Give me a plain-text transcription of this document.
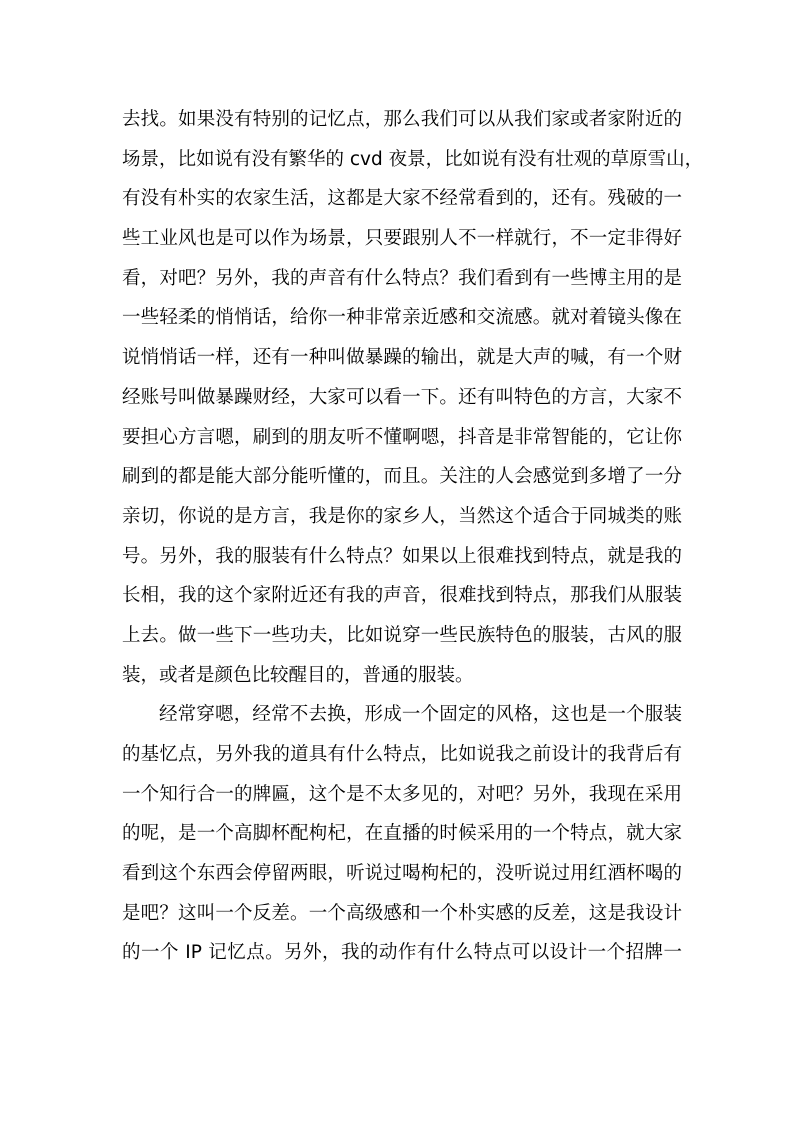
去找。如果没有特别的记忆点，那么我们可以从我们家或者家附近的
场景，比如说有没有繁华的 cvd 夜景，比如说有没有壮观的草原雪山，
有没有朴实的农家生活，这都是大家不经常看到的，还有。残破的一
些工业风也是可以作为场景，只要跟别人不一样就行，不一定非得好
看，对吧？另外，我的声音有什么特点？我们看到有一些博主用的是
一些轻柔的悄悄话，给你一种非常亲近感和交流感。就对着镜头像在
说悄悄话一样，还有一种叫做暴躁的输出，就是大声的喊，有一个财
经账号叫做暴躁财经，大家可以看一下。还有叫特色的方言，大家不
要担心方言嗯，刷到的朋友听不懂啊嗯，抖音是非常智能的，它让你
刷到的都是能大部分能听懂的，而且。关注的人会感觉到多增了一分
亲切，你说的是方言，我是你的家乡人，当然这个适合于同城类的账
号。另外，我的服装有什么特点？如果以上很难找到特点，就是我的
长相，我的这个家附近还有我的声音，很难找到特点，那我们从服装
上去。做一些下一些功夫，比如说穿一些民族特色的服装，古风的服
装，或者是颜色比较醒目的，普通的服装。
经常穿嗯，经常不去换，形成一个固定的风格，这也是一个服装
的基忆点，另外我的道具有什么特点，比如说我之前设计的我背后有
一个知行合一的牌匾，这个是不太多见的，对吧？另外，我现在采用
的呢，是一个高脚杯配枸杞，在直播的时候采用的一个特点，就大家
看到这个东西会停留两眼，听说过喝枸杞的，没听说过用红酒杯喝的
是吧？这叫一个反差。一个高级感和一个朴实感的反差，这是我设计
的一个 IP 记忆点。另外，我的动作有什么特点可以设计一个招牌一
